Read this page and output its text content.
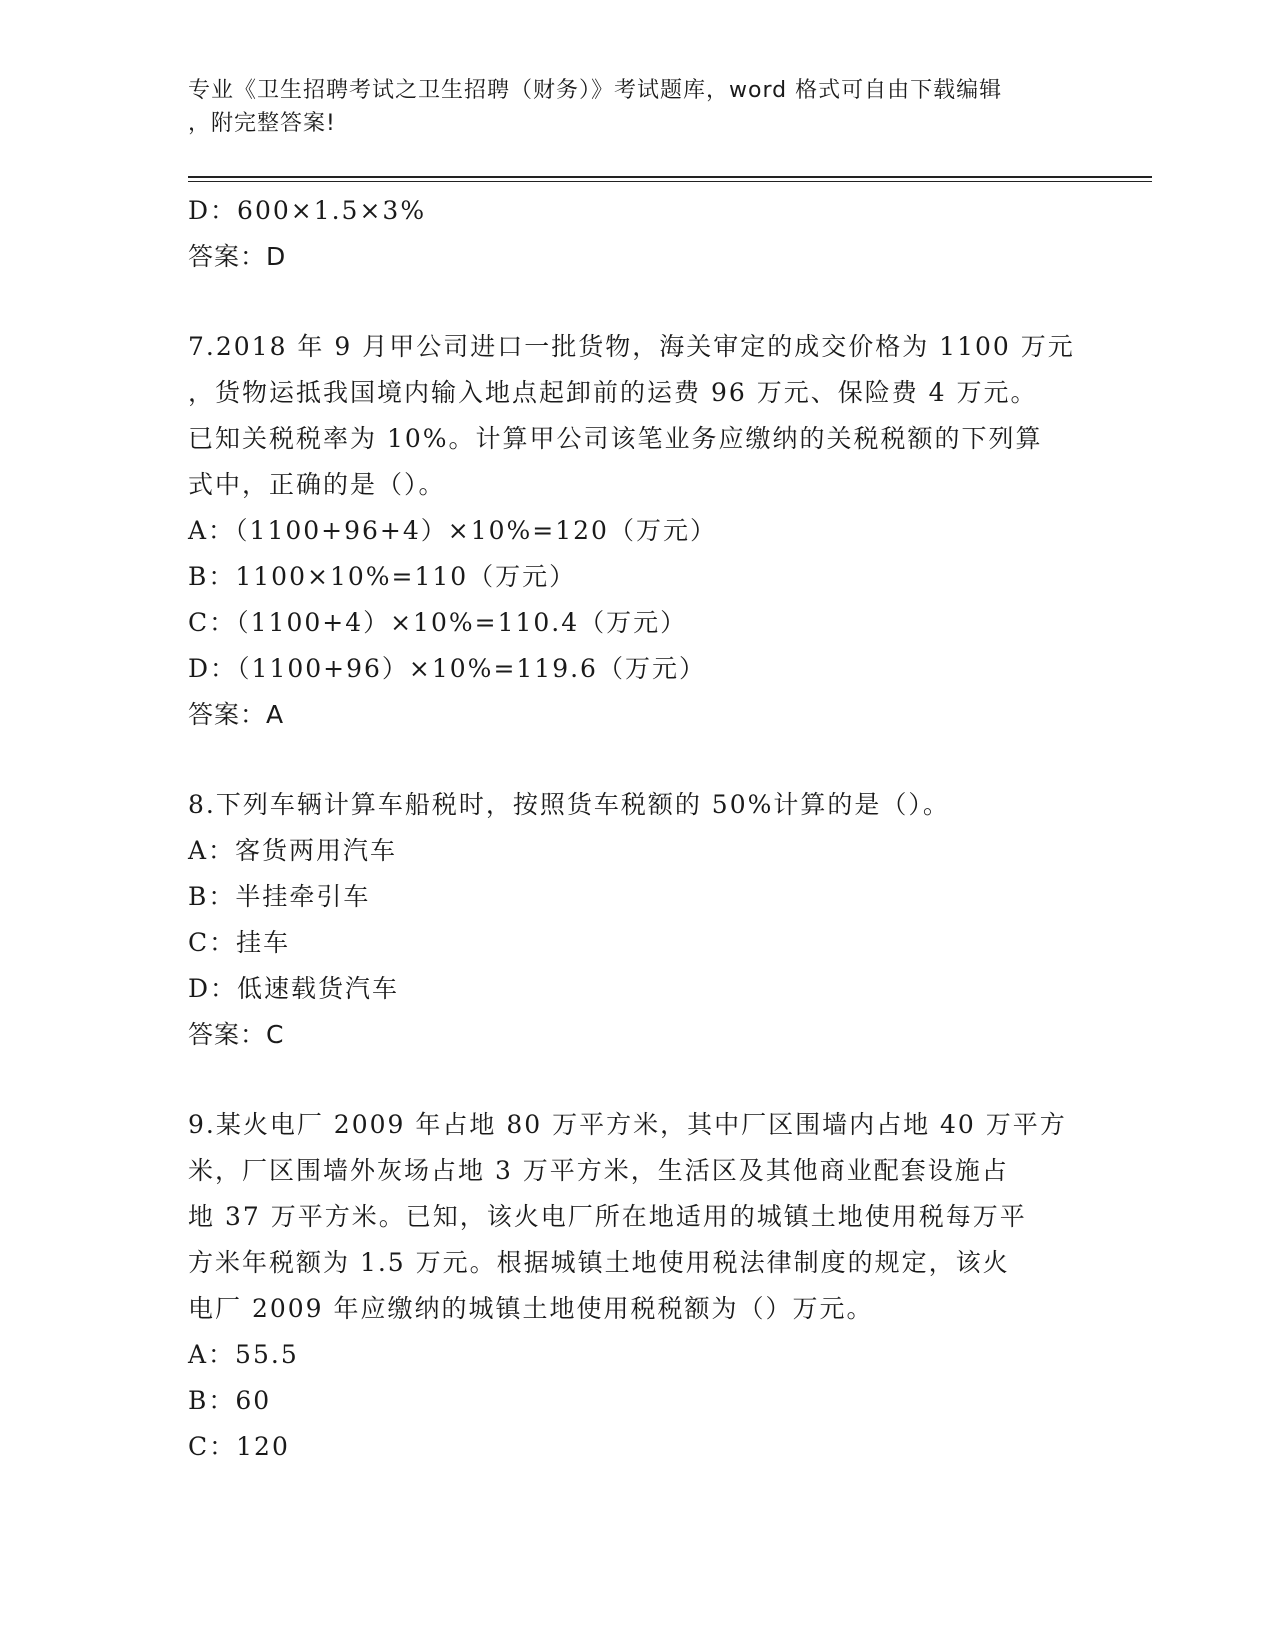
专业《卫生招聘考试之卫生招聘（财务）》考试题库，word 格式可自由下载编辑
，附完整答案!
D：600×1.5×3%
答案：D
7.2018 年 9 月甲公司进口一批货物，海关审定的成交价格为 1100 万元
，货物运抵我国境内输入地点起卸前的运费 96 万元、保险费 4 万元。
已知关税税率为 10%。计算甲公司该笔业务应缴纳的关税税额的下列算
式中，正确的是（）。
A：（1100+96+4）×10%=120（万元）
B：1100×10%=110（万元）
C：（1100+4）×10%=110.4（万元）
D：（1100+96）×10%=119.6（万元）
答案：A
8.下列车辆计算车船税时，按照货车税额的 50%计算的是（）。
A：客货两用汽车
B：半挂牵引车
C：挂车
D：低速载货汽车
答案：C
9.某火电厂 2009 年占地 80 万平方米，其中厂区围墙内占地 40 万平方
米，厂区围墙外灰场占地 3 万平方米，生活区及其他商业配套设施占
地 37 万平方米。已知，该火电厂所在地适用的城镇土地使用税每万平
方米年税额为 1.5 万元。根据城镇土地使用税法律制度的规定，该火
电厂 2009 年应缴纳的城镇土地使用税税额为（）万元。
A：55.5
B：60
C：120
